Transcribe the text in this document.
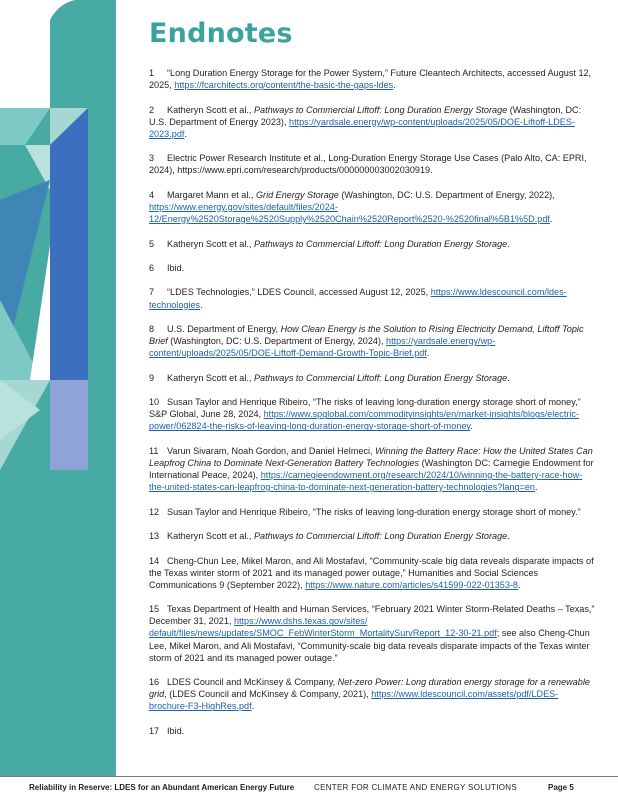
Endnotes
1 “Long Duration Energy Storage for the Power System,” Future Cleantech Architects, accessed August 12, 2025, https://fcarchitects.org/content/the-basic-the-gaps-ldes.
2 Katheryn Scott et al., Pathways to Commercial Liftoff: Long Duration Energy Storage (Washington, DC: U.S. Department of Energy 2023), https://yardsale.energy/wp-content/uploads/2025/05/DOE-Liftoff-LDES-2023.pdf.
3 Electric Power Research Institute et al., Long-Duration Energy Storage Use Cases (Palo Alto, CA: EPRI, 2024), https://www.epri.com/research/products/000000003002030919.
4 Margaret Mann et al., Grid Energy Storage (Washington, DC: U.S. Department of Energy, 2022), https://www.energy.gov/sites/default/files/2024-12/Energy%2520Storage%2520Supply%2520Chain%2520Report%2520-%2520final%5B1%5D.pdf.
5 Katheryn Scott et al., Pathways to Commercial Liftoff: Long Duration Energy Storage.
6 Ibid.
7 “LDES Technologies,” LDES Council, accessed August 12, 2025, https://www.ldescouncil.com/ldes-technologies.
8 U.S. Department of Energy, How Clean Energy is the Solution to Rising Electricity Demand, Liftoff Topic Brief (Washington, DC: U.S. Department of Energy, 2024), https://yardsale.energy/wp-content/uploads/2025/05/DOE-Liftoff-Demand-Growth-Topic-Brief.pdf.
9 Katheryn Scott et al., Pathways to Commercial Liftoff: Long Duration Energy Storage.
10 Susan Taylor and Henrique Ribeiro, “The risks of leaving long-duration energy storage short of money,” S&P Global, June 28, 2024, https://www.spglobal.com/commodityinsights/en/market-insights/blogs/electric-power/062824-the-risks-of-leaving-long-duration-energy-storage-short-of-money.
11 Varun Sivaram, Noah Gordon, and Daniel Helmeci, Winning the Battery Race: How the United States Can Leapfrog China to Dominate Next-Generation Battery Technologies (Washington DC: Carnegie Endowment for International Peace, 2024), https://carnegieendowment.org/research/2024/10/winning-the-battery-race-how-the-united-states-can-leapfrog-china-to-dominate-next-generation-battery-technologies?lang=en.
12 Susan Taylor and Henrique Ribeiro, “The risks of leaving long-duration energy storage short of money.”
13 Katheryn Scott et al., Pathways to Commercial Liftoff: Long Duration Energy Storage.
14 Cheng-Chun Lee, Mikel Maron, and Ali Mostafavi, “Community-scale big data reveals disparate impacts of the Texas winter storm of 2021 and its managed power outage,” Humanities and Social Sciences Communications 9 (September 2022), https://www.nature.com/articles/s41599-022-01353-8.
15 Texas Department of Health and Human Services, “February 2021 Winter Storm-Related Deaths – Texas,” December 31, 2021, https://www.dshs.texas.gov/sites/ default/files/news/updates/SMOC_FebWinterStorm_MortalitySurvReport_12-30-21.pdf; see also Cheng-Chun Lee, Mikel Maron, and Ali Mostafavi, “Community-scale big data reveals disparate impacts of the Texas winter storm of 2021 and its managed power outage.”
16 LDES Council and McKinsey & Company, Net-zero Power: Long duration energy storage for a renewable grid, (LDES Council and McKinsey & Company, 2021), https://www.ldescouncil.com/assets/pdf/LDES-brochure-F3-HighRes.pdf.
17 Ibid.
Reliability in Reserve: LDES for an Abundant American Energy Future CENTER FOR CLIMATE AND ENERGY SOLUTIONS	Page 5
